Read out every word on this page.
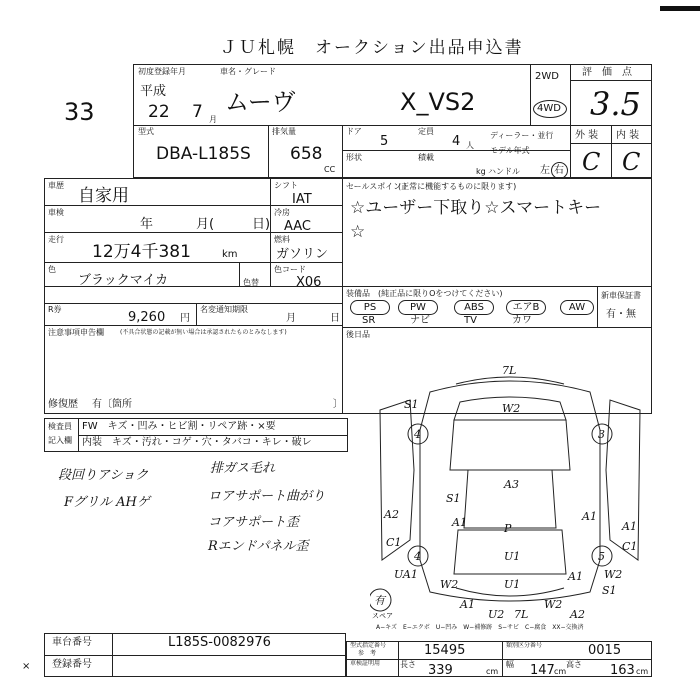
ＪＵ札幌　オークション出品申込書
33
初度登録年月
平成
22 7 月
車名・グレード
ムーヴ	X_VS2
2WD
4WD
評　価　点
3.5
外 装 内 装
C C
型式
DBA-L185S
排気量
658
CC
ドア
5
定員
4 人
ディーラー・並行
形状	積載
kg
モデル年式
ハンドル 左 右
車歴
自家用
車検
年	月(	日)
走行
12万4千381	km
色
ブラックマイカ	色替
シフト
IAT
冷房
AAC
燃料
ガソリン
色コード
X06
セールスポイント
(正常に機能するものに限ります)
☆ユーザー下取り☆スマートキー
☆
R券
9,260 円
名変通知期限
月	日
装備品 (純正品に限りOをつけてください)
PS	PW	ABS	エアB	AW
SR	ナビ	TV	カワ
新車保証書
有・無
注意事項申告欄	(不具合状態の記載が無い場合は承認されたものとみなします)	後日品
修復歴 有〔箇所	〕
検査員
記入欄
FW　キズ・凹み・ヒビ割・リペア跡・×要
内装　キズ・汚れ・コゲ・穴・タバコ・キレ・破レ
段回りアショク
Fグリル AHゲ
排ガス毛れ
ロアサポート曲がり
コアサポート歪
Rエンドパネル歪
7L
S1	W2
4	3
A3
S1
A2
A1	P
A1
A1
C1	C1
4	5
U1
U1
W2
UA1	A1 W2
S1
U2 7L	A2
A1	W2
有
スペア
A−キズ　E−エクボ　U−凹み　W−補修跡　S−サビ　C−腐食　XX−交換済
車台番号	L185S-0082976
登録番号
×
型式指定番号
参　考	15495	類別区分番号	0015
車検証明用 長さ 339	cm
幅 147 cm
高さ 163 cm
